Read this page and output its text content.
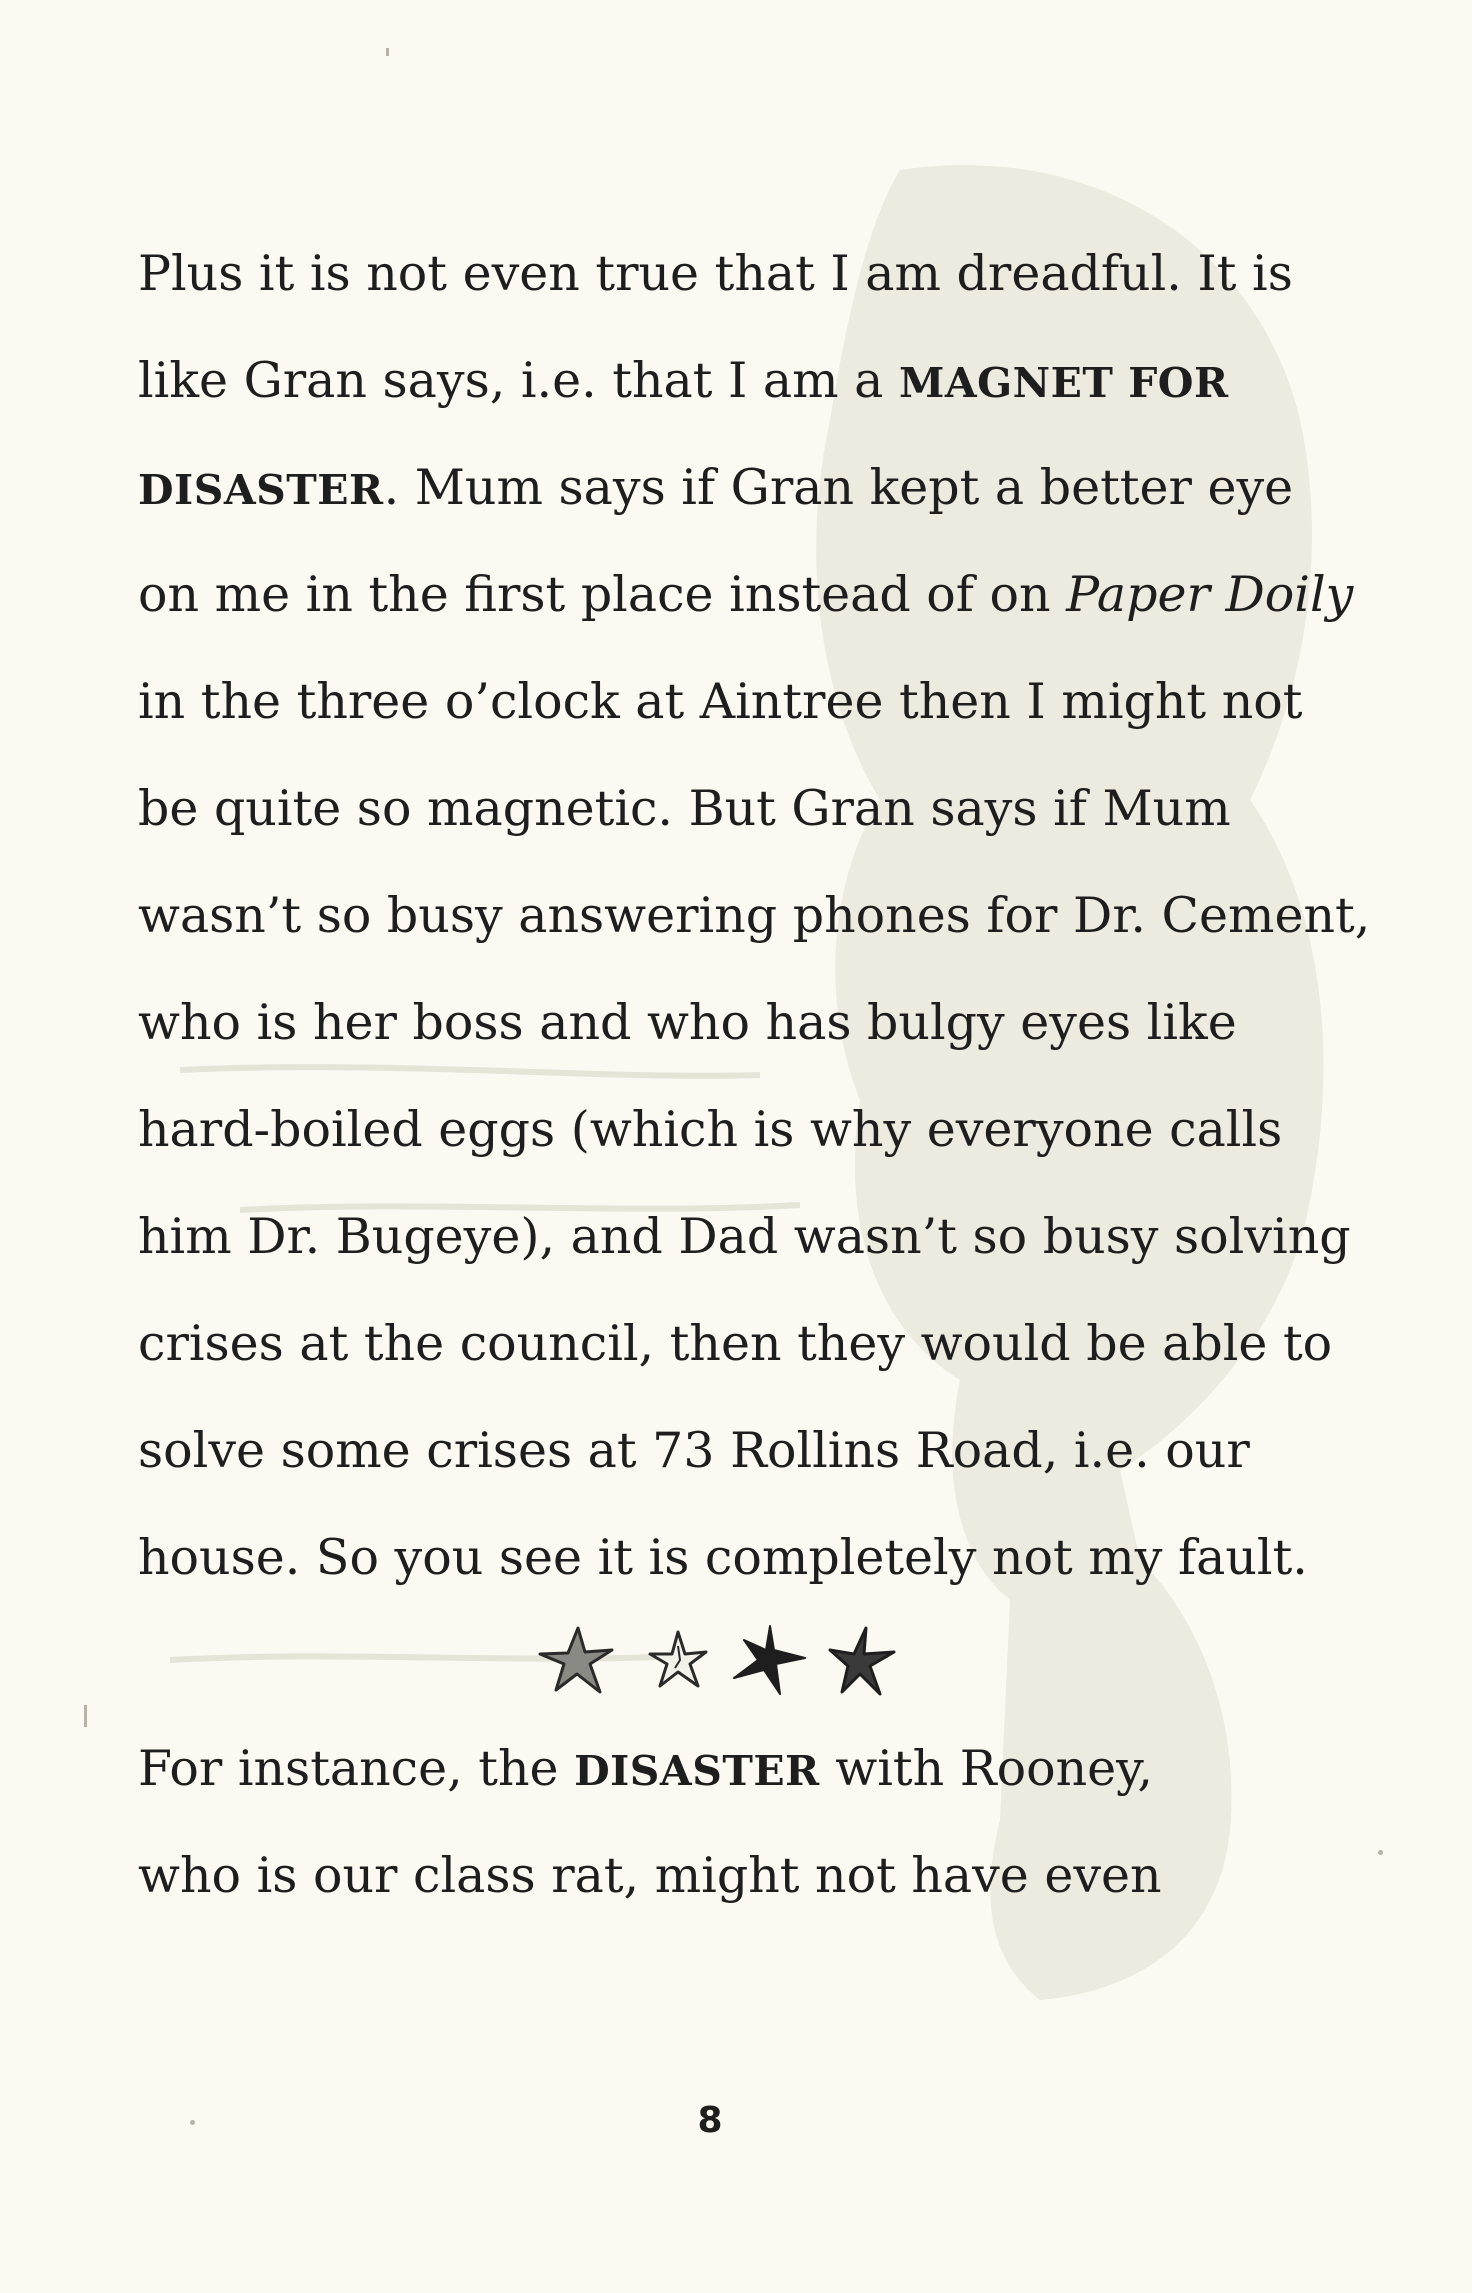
Plus it is not even true that I am dreadful. It is
like Gran says, i.e. that I am a MAGNET FOR
DISASTER. Mum says if Gran kept a better eye
on me in the first place instead of on Paper Doily
in the three o’clock at Aintree then I might not
be quite so magnetic. But Gran says if Mum
wasn’t so busy answering phones for Dr. Cement,
who is her boss and who has bulgy eyes like
hard-boiled eggs (which is why everyone calls
him Dr. Bugeye), and Dad wasn’t so busy solving
crises at the council, then they would be able to
solve some crises at 73 Rollins Road, i.e. our
house. So you see it is completely not my fault.
For instance, the DISASTER with Rooney,
who is our class rat, might not have even
8
